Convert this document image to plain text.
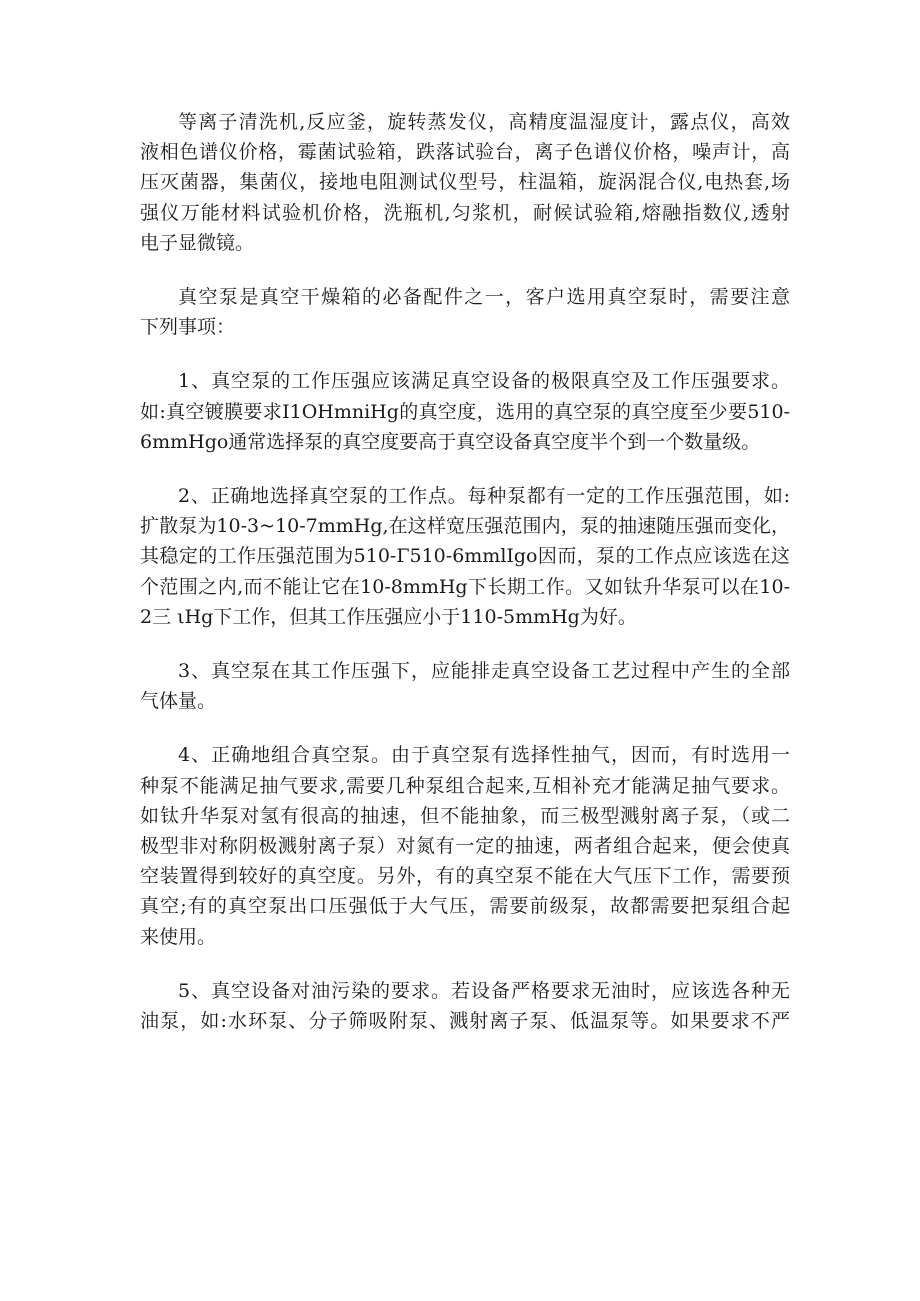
等离子清洗机,反应釜，旋转蒸发仪，高精度温湿度计，露点仪，高效
液相色谱仪价格，霉菌试验箱，跌落试验台，离子色谱仪价格，噪声计，高
压灭菌器，集菌仪，接地电阻测试仪型号，柱温箱，旋涡混合仪,电热套,场
强仪万能材料试验机价格，洗瓶机,匀浆机，耐候试验箱,熔融指数仪,透射
电子显微镜。

真空泵是真空干燥箱的必备配件之一，客户选用真空泵时，需要注意
下列事项：

1、真空泵的工作压强应该满足真空设备的极限真空及工作压强要求。
如:真空镀膜要求I1OHmniHg的真空度，选用的真空泵的真空度至少要510-
6mmHgo通常选择泵的真空度要高于真空设备真空度半个到一个数量级。

2、正确地选择真空泵的工作点。每种泵都有一定的工作压强范围，如:
扩散泵为10-3~10-7mmHg,在这样宽压强范围内，泵的抽速随压强而变化，
其稳定的工作压强范围为510-Γ510-6mmlIgo因而，泵的工作点应该选在这
个范围之内,而不能让它在10-8mmHg下长期工作。又如钛升华泵可以在10-
2三 ιHg下工作，但其工作压强应小于110-5mmHg为好。

3、真空泵在其工作压强下，应能排走真空设备工艺过程中产生的全部
气体量。

4、正确地组合真空泵。由于真空泵有选择性抽气，因而，有时选用一
种泵不能满足抽气要求,需要几种泵组合起来,互相补充才能满足抽气要求。
如钛升华泵对氢有很高的抽速，但不能抽象，而三极型溅射离子泵，（或二
极型非对称阴极溅射离子泵）对氮有一定的抽速，两者组合起来，便会使真
空装置得到较好的真空度。另外，有的真空泵不能在大气压下工作，需要预
真空;有的真空泵出口压强低于大气压，需要前级泵，故都需要把泵组合起
来使用。

5、真空设备对油污染的要求。若设备严格要求无油时，应该选各种无
油泵，如:水环泵、分子筛吸附泵、溅射离子泵、低温泵等。如果要求不严
